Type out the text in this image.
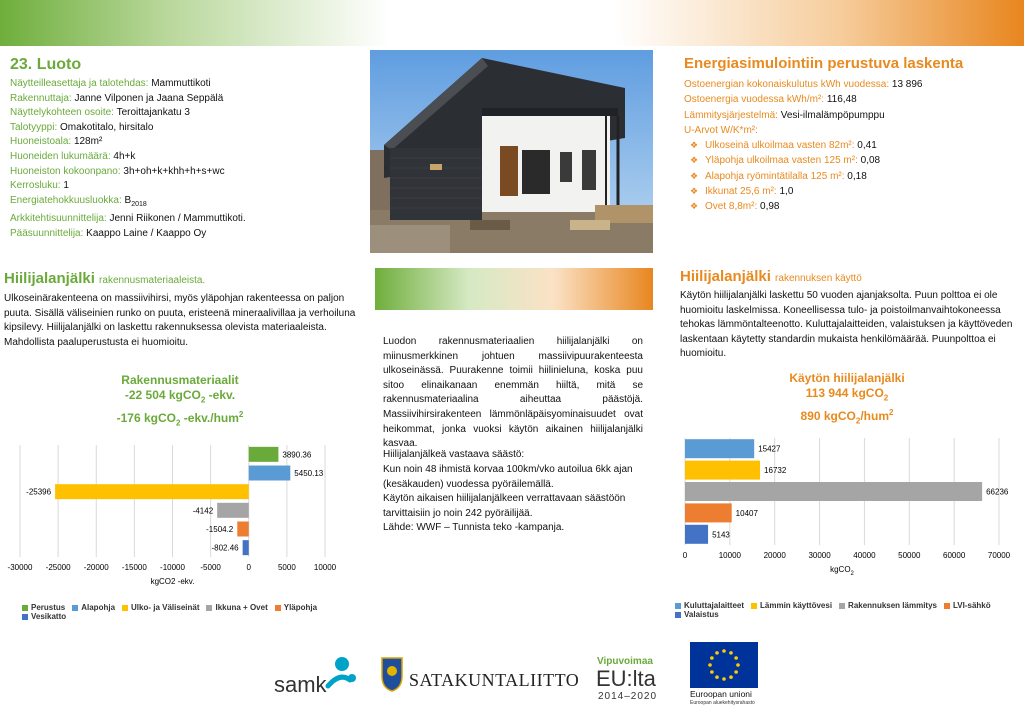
23. Luoto
Näytteilleasettaja ja talotehdas: Mammuttikoti
Rakennuttaja: Janne Vilponen ja Jaana Seppälä
Näyttelykohteen osoite: Teroittajankatu 3
Talotyyppi: Omakotitalo, hirsitalo
Huoneistoala: 128m²
Huoneiden lukumäärä: 4h+k
Huoneiston kokoonpano: 3h+oh+k+khh+h+s+wc
Kerrosluku: 1
Energiatehokkuusluokka: $B_{2018}$
Arkkitehtisuunnittelija: Jenni Riikonen / Mammuttikoti.
Pääsuunnittelija: Kaappo Laine / Kaappo Oy
Energiasimulointiin perustuva laskenta
Ostoenergian kokonaiskulutus kWh vuodessa: 13 896
Ostoenergia vuodessa kWh/m²: 116,48
Lämmitysjärjestelmä: Vesi-ilmalämpöpumppu
U-Arvot W/K*m²:
❖ Ulkoseinä ulkoilmaa vasten 82m²: 0,41
❖ Yläpohja ulkoilmaa vasten 125 m²: 0,08
❖ Alapohja ryömintätilalla 125 m²: 0,18
❖ Ikkunat 25,6 m²: 1,0
❖ Ovet 8,8m²: 0,98
Hiilijalanjälki rakennusmateriaaleista.

Ulkoseinärakenteena on massiivihirsi, myös yläpohjan rakenteessa on paljon puuta. Sisällä väliseinien runko on puuta, eristeenä mineraalivillaa ja verhoiluna kipsilevy. Hiilijalanjälki on laskettu rakennuksessa olevista materiaaleista. Mahdollista paaluperustusta ei huomioitu.

Rakennusmateriaalit
-22 504 kgCO$_2$ -ekv.
-176 kgCO$_2$ -ekv./hum$^2$
-30000 -25000 -20000 -15000 -10000 -5000	0	5000 10000
3890.36
5450.13
-25396
-4142
-1504.2
-802.46
kgCO2 -ekv.
Perustus Alapohja Ulko- ja Väliseinät Ikkuna + Ovet YläpohjaVesikatto

Luodon rakennusmateriaalien hiilijalanjälki on miinusmerkkinen johtuen massiivipuurakenteesta ulkoseinässä. Puurakenne toimii hiilinieluna, koska puu sitoo elinaikanaan enemmän hiiltä, mitä se rakennusmateriaalina aiheuttaa päästöjä. Massiivihirsirakenteen lämmönläpäisyominaisuudet ovat heikommat, jonka vuoksi käytön aikainen hiilijalanjälki kasvaa.

Hiilijalanjälkeä vastaava säästö:

Kun noin 48 ihmistä korvaa 100km/vko autoilua 6kk ajan (kesäkauden) vuodessa pyöräilemällä.

Käytön aikaisen hiilijalanjälkeen verrattavaan säästöön tarvittaisiin jo noin 242 pyöräilijää.

Lähde: WWF – Tunnista teko -kampanja.

Hiilijalanjälki rakennuksen käyttö

Käytön hiilijalanjälki laskettu 50 vuoden ajanjaksolta. Puun polttoa ei ole huomioitu laskelmissa. Koneellisessa tulo- ja poistoilmanvaihtokoneessa tehokas lämmöntalteenotto. Kuluttajalaitteiden, valaistuksen ja käyttöveden laskentaan käytetty standardin mukaista henkilömäärää. Puunpolttoa ei huomioitu.

Käytön hiilijalanjälki
113 944 kgCO$_2$
890 kgCO$_2$/hum$^2$
0	10000	20000	30000	40000	50000	60000	70000
15427
16732
66236
10407
5143
kgCO$_2$
Kuluttajalaitteet Lämmin käyttövesi Rakennuksen lämmitys LVI-sähköValaistus
samk	SATAKUNTALIITTO
Vipuvoimaa
EU:lta
2014–2020	Euroopan unioni
Euroopan aluekehitysrahasto
